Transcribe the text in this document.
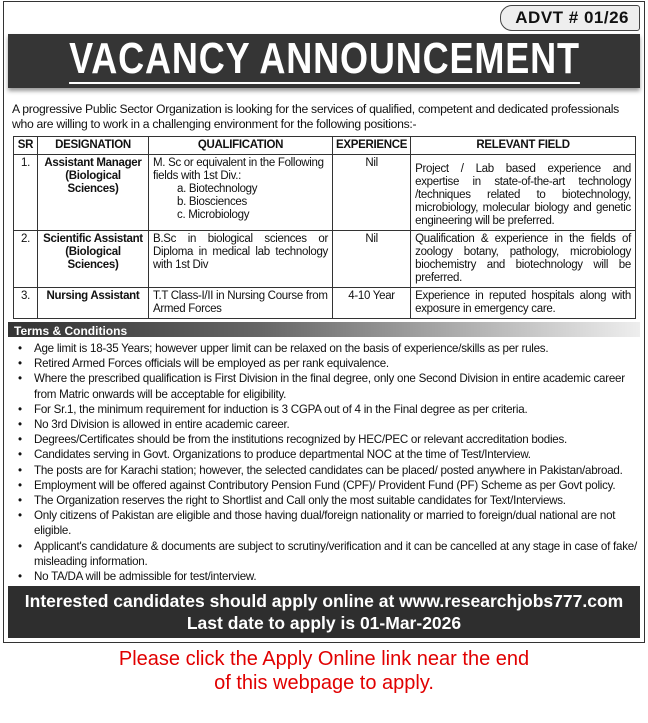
ADVT # 01/26
VACANCY ANNOUNCEMENT
A progressive Public Sector Organization is looking for the services of qualified, competent and dedicated professionals who are willing to work in a challenging environment for the following positions:-
SR	DESIGNATION	QUALIFICATION	EXPERIENCE	RELEVANT FIELD
1.	Assistant Manager (Biological Sciences)	M. Sc or equivalent in the Following fields with 1st Div.:
a. Biotechnology
b. Biosciences
c. Microbiology	Nil	Project / Lab based experience and expertise in state-of-the-art technology /techniques related to biotechnology, microbiology, molecular biology and genetic engineering will be preferred.
2.	Scientific Assistant (Biological Sciences)	B.Sc in biological sciences or Diploma in medical lab technology with 1st Div	Nil	Qualification & experience in the fields of zoology botany, pathology, microbiology biochemistry and biotechnology will be preferred.
3.	Nursing Assistant	T.T Class-I/II in Nursing Course from Armed Forces	4-10 Year	Experience in reputed hospitals along with exposure in emergency care.
Terms & Conditions
• Age limit is 18-35 Years; however upper limit can be relaxed on the basis of experience/skills as per rules.
• Retired Armed Forces officials will be employed as per rank equivalence.
• Where the prescribed qualification is First Division in the final degree, only one Second Division in entire academic career from Matric onwards will be acceptable for eligibility.
• For Sr.1, the minimum requirement for induction is 3 CGPA out of 4 in the Final degree as per criteria.
• No 3rd Division is allowed in entire academic career.
• Degrees/Certificates should be from the institutions recognized by HEC/PEC or relevant accreditation bodies.
• Candidates serving in Govt. Organizations to produce departmental NOC at the time of Test/Interview.
• The posts are for Karachi station; however, the selected candidates can be placed/ posted anywhere in Pakistan/abroad.
• Employment will be offered against Contributory Pension Fund (CPF)/ Provident Fund (PF) Scheme as per Govt policy.
• The Organization reserves the right to Shortlist and Call only the most suitable candidates for Text/Interviews.
• Only citizens of Pakistan are eligible and those having dual/foreign nationality or married to foreign/dual national are not eligible.
• Applicant's candidature & documents are subject to scrutiny/verification and it can be cancelled at any stage in case of fake/ misleading information.
• No TA/DA will be admissible for test/interview.
Interested candidates should apply online at www.researchjobs777.com
Last date to apply is 01-Mar-2026
Please click the Apply Online link near the end
of this webpage to apply.
